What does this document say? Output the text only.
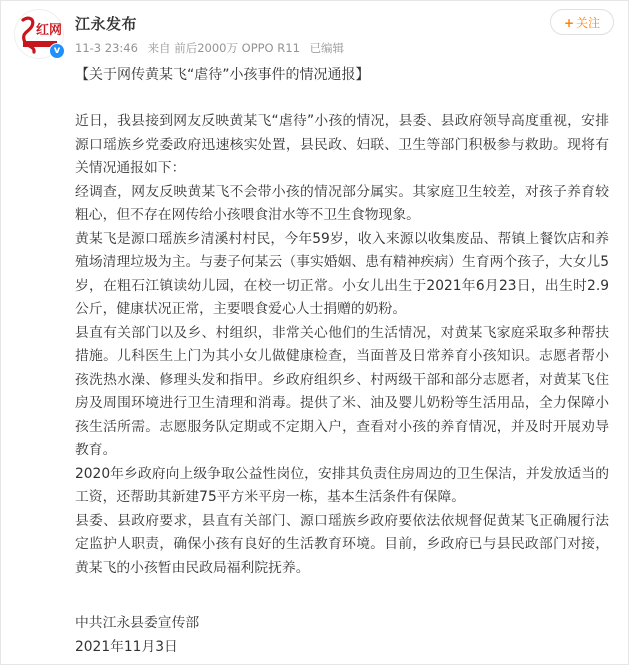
红网
v
江永发布
11-3 23:46 来自 前后2000万 OPPO R11 已编辑
+ 关注
【关于网传黄某飞“虐待”小孩事件的情况通报】

近日，我县接到网友反映黄某飞“虐待”小孩的情况，县委、县政府领导高度重视，安排源口瑶族乡党委政府迅速核实处置，县民政、妇联、卫生等部门积极参与救助。现将有关情况通报如下：

经调查，网友反映黄某飞不会带小孩的情况部分属实。其家庭卫生较差，对孩子养育较粗心，但不存在网传给小孩喂食泔水等不卫生食物现象。

黄某飞是源口瑶族乡清溪村村民，今年59岁，收入来源以收集废品、帮镇上餐饮店和养殖场清理垃圾为主。与妻子何某云（事实婚姻、患有精神疾病）生育两个孩子，大女儿5岁，在粗石江镇读幼儿园，在校一切正常。小女儿出生于2021年6月23日，出生时2.9公斤，健康状况正常，主要喂食爱心人士捐赠的奶粉。

县直有关部门以及乡、村组织，非常关心他们的生活情况，对黄某飞家庭采取多种帮扶措施。儿科医生上门为其小女儿做健康检查，当面普及日常养育小孩知识。志愿者帮小孩洗热水澡、修理头发和指甲。乡政府组织乡、村两级干部和部分志愿者，对黄某飞住房及周围环境进行卫生清理和消毒。提供了米、油及婴儿奶粉等生活用品，全力保障小孩生活所需。志愿服务队定期或不定期入户，查看对小孩的养育情况，并及时开展劝导教育。

2020年乡政府向上级争取公益性岗位，安排其负责住房周边的卫生保洁，并发放适当的工资，还帮助其新建75平方米平房一栋，基本生活条件有保障。

县委、县政府要求，县直有关部门、源口瑶族乡政府要依法依规督促黄某飞正确履行法定监护人职责，确保小孩有良好的生活教育环境。目前，乡政府已与县民政部门对接，黄某飞的小孩暂由民政局福利院抚养。

中共江永县委宣传部
2021年11月3日
